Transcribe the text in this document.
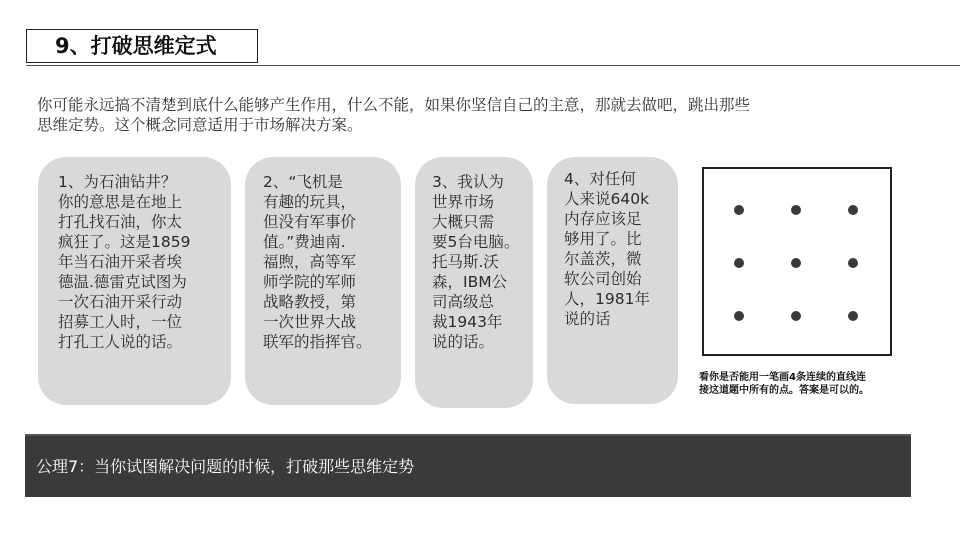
9、打破思维定式
你可能永远搞不清楚到底什么能够产生作用，什么不能，如果你坚信自己的主意，那就去做吧，跳出那些
思维定势。这个概念同意适用于市场解决方案。
1、为石油钻井？
你的意思是在地上
打孔找石油，你太
疯狂了。这是1859
年当石油开采者埃
德温.德雷克试图为
一次石油开采行动
招募工人时，一位
打孔工人说的话。
2、“飞机是
有趣的玩具，
但没有军事价
值。”费迪南.
福煦，高等军
师学院的军师
战略教授，第
一次世界大战
联军的指挥官。
3、我认为
世界市场
大概只需
要5台电脑。
托马斯.沃
森，IBM公
司高级总
裁1943年
说的话。
4、对任何
人来说640k
内存应该足
够用了。比
尔盖茨，微
软公司创始
人，1981年
说的话
看你是否能用一笔画4条连续的直线连
接这道题中所有的点。答案是可以的。
公理7：当你试图解决问题的时候，打破那些思维定势
